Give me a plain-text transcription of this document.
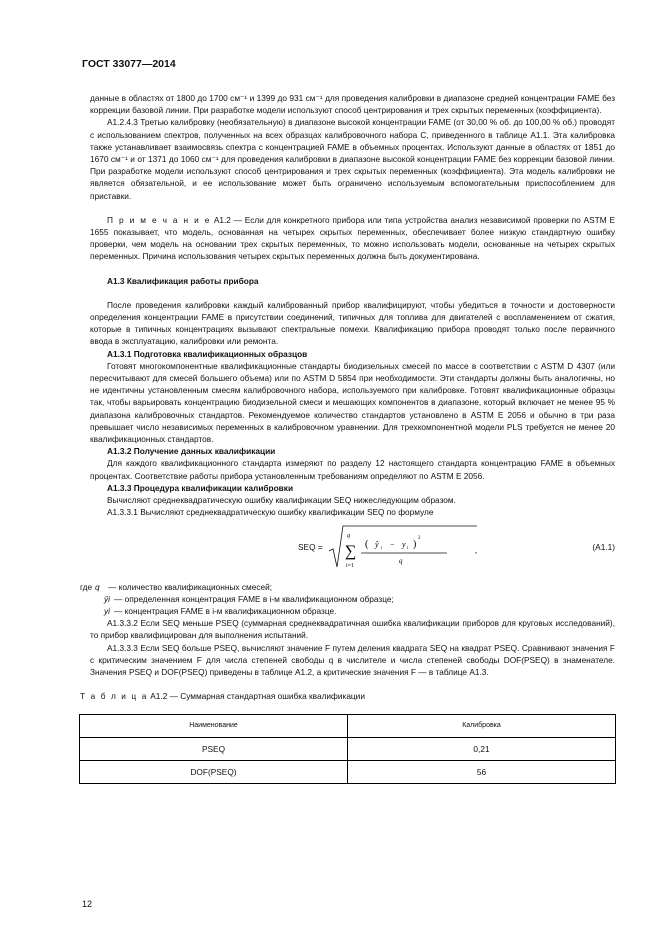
ГОСТ 33077—2014

данные в областях от 1800 до 1700 см⁻¹ и 1399 до 931 см⁻¹ для проведения калибровки в диапазоне средней концентрации FAME без коррекции базовой линии. При разработке модели используют способ центрирования и трех скрытых переменных (коэффициента).

А1.2.4.3 Третью калибровку (необязательную) в диапазоне высокой концентрации FAME (от 30,00 % об. до 100,00 % об.) проводят с использованием спектров, полученных на всех образцах калибровочного набора С, приведенного в таблице А1.1. Эта калибровка также устанавливает взаимосвязь спектра с концентрацией FAME в объемных процентах. Используют данные в областях от 1851 до 1670 см⁻¹ и от 1371 до 1060 см⁻¹ для проведения калибровки в диапазоне высокой концентрации FAME без коррекции базовой линии. При разработке модели используют способ центрирования и трех скрытых переменных (коэффициента). Эта модель калибровки не является обязательной, и ее использование может быть ограничено используемым вспомогательным приспособлением для приставки.

П р и м е ч а н и е А1.2 — Если для конкретного прибора или типа устройства анализ независимой проверки по ASTM Е 1655 показывает, что модель, основанная на четырех скрытых переменных, обеспечивает более низкую стандартную ошибку проверки, чем модель на основании трех скрытых переменных, то можно использовать модели, основанные на четырех скрытых переменных. Причина использования четырех скрытых переменных должна быть документирована.

А1.3 Квалификация работы прибора

После проведения калибровки каждый калиброванный прибор квалифицируют, чтобы убедиться в точности и достоверности определения концентрации FAME в присутствии соединений, типичных для топлива для двигателей с воспламенением от сжатия, которые в типичных концентрациях вызывают спектральные помехи. Квалификацию прибора проводят только после первичного ввода в эксплуатацию, калибровки или ремонта.

А1.3.1 Подготовка квалификационных образцов

Готовят многокомпонентные квалификационные стандарты биодизельных смесей по массе в соответствии с ASTM D 4307 (или пересчитывают для смесей большего объема) или по ASTM D 5854 при необходимости. Эти стандарты должны быть аналогичны, но не идентичны установленным смесям калибровочного набора, используемого при калибровке. Готовят квалификационные образцы так, чтобы варьировать концентрацию биодизельной смеси и мешающих компонентов в диапазоне, который включает не менее 95 % диапазона калибровочных стандартов. Рекомендуемое количество стандартов установлено в ASTM Е 2056 и обычно в три раза превышает число независимых переменных в калибровочном уравнении. Для трехкомпонентной модели PLS требуется не менее 20 квалификационных стандартов.

А1.3.2 Получение данных квалификации

Для каждого квалификационного стандарта измеряют по разделу 12 настоящего стандарта концентрацию FAME в объемных процентах. Соответствие работы прибора установленным требованиям определяют по ASTM Е 2056.

А1.3.3 Процедура квалификации калибровки

Вычисляют среднеквадратическую ошибку квалификации SEQ нижеследующим образом.

А1.3.3.1 Вычисляют среднеквадратическую ошибку квалификации SEQ по формуле

SEQ =
q
∑
i=1
( ŷ i − y i )
2
q
,	(А1.1)
где q	— количество квалификационных смесей;
ŷi — определенная концентрация FAME в i-м квалификационном образце;
yi — концентрация FAME в i-м квалификационном образце.

А1.3.3.2 Если SEQ меньше PSEQ (суммарная среднеквадратичная ошибка квалификации приборов для круговых исследований), то прибор квалифицирован для выполнения испытаний.

А1.3.3.3 Если SEQ больше PSEQ, вычисляют значение F путем деления квадрата SEQ на квадрат PSEQ. Сравнивают значения F с критическим значением F для числа степеней свободы q в числителе и числа степеней свободы DOF(PSEQ) в знаменателе. Значения PSEQ и DOF(PSEQ) приведены в таблице А1.2, а критические значения F — в таблице А1.3.

Т а б л и ц а А1.2 — Суммарная стандартная ошибка квалификации

Наименование	Калибровка
PSEQ	0,21
DOF(PSEQ)	56
12
